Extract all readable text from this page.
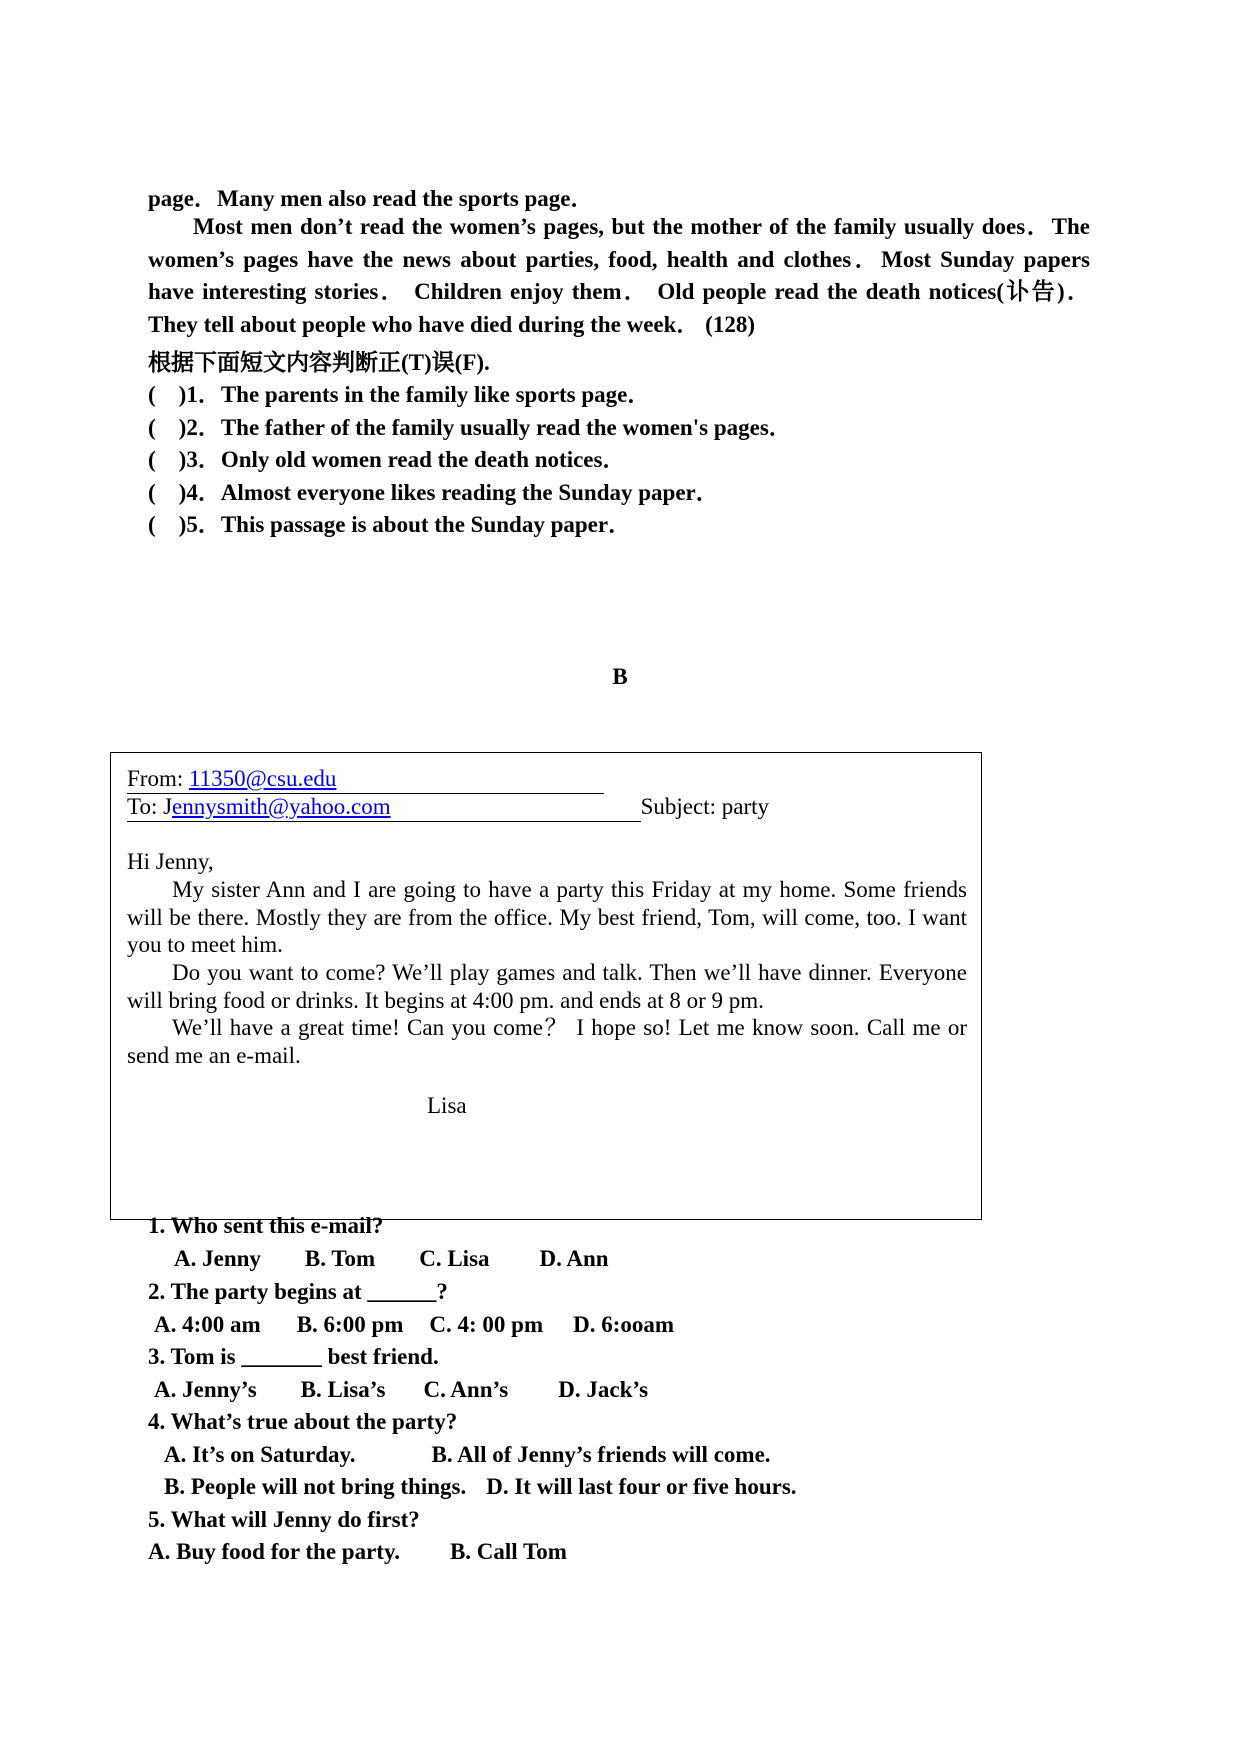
page．Many men also read the sports page．
Most men don’t read the women’s pages, but the mother of the family usually does．The women’s pages have the news about parties, food, health and clothes．Most Sunday papers have interesting stories． Children enjoy them． Old people read the death notices(讣告)．They tell about people who have died during the week． (128)
根据下面短文内容判断正(T)误(F).
(　)1．The parents in the family like sports page．
(　)2．The father of the family usually read the women's pages．
(　)3．Only old women read the death notices．
(　)4．Almost everyone likes reading the Sunday paper．
(　)5．This passage is about the Sunday paper．
B
From: 11350@csu.edu
To: Jennysmith@yahoo.com	Subject: party
Hi Jenny,
My sister Ann and I are going to have a party this Friday at my home. Some friends will be there. Mostly they are from the office. My best friend, Tom, will come, too. I want you to meet him.
Do you want to come? We’ll play games and talk. Then we’ll have dinner. Everyone will bring food or drinks. It begins at 4:00 pm. and ends at 8 or 9 pm.
We’ll have a great time! Can you come？ I hope so! Let me know soon. Call me or send me an e-mail.
Lisa
1. Who sent this e-mail?
A. Jenny B. Tom C. Lisa D. Ann
2. The party begins at ______?
A. 4:00 am B. 6:00 pm C. 4: 00 pm D. 6:ooam
3. Tom is _______ best friend.
A. Jenny’s B. Lisa’s C. Ann’s D. Jack’s
4. What’s true about the party?
A. It’s on Saturday.	B. All of Jenny’s friends will come.
B. People will not bring things. D. It will last four or five hours.
5. What will Jenny do first?
A. Buy food for the party. B. Call Tom
